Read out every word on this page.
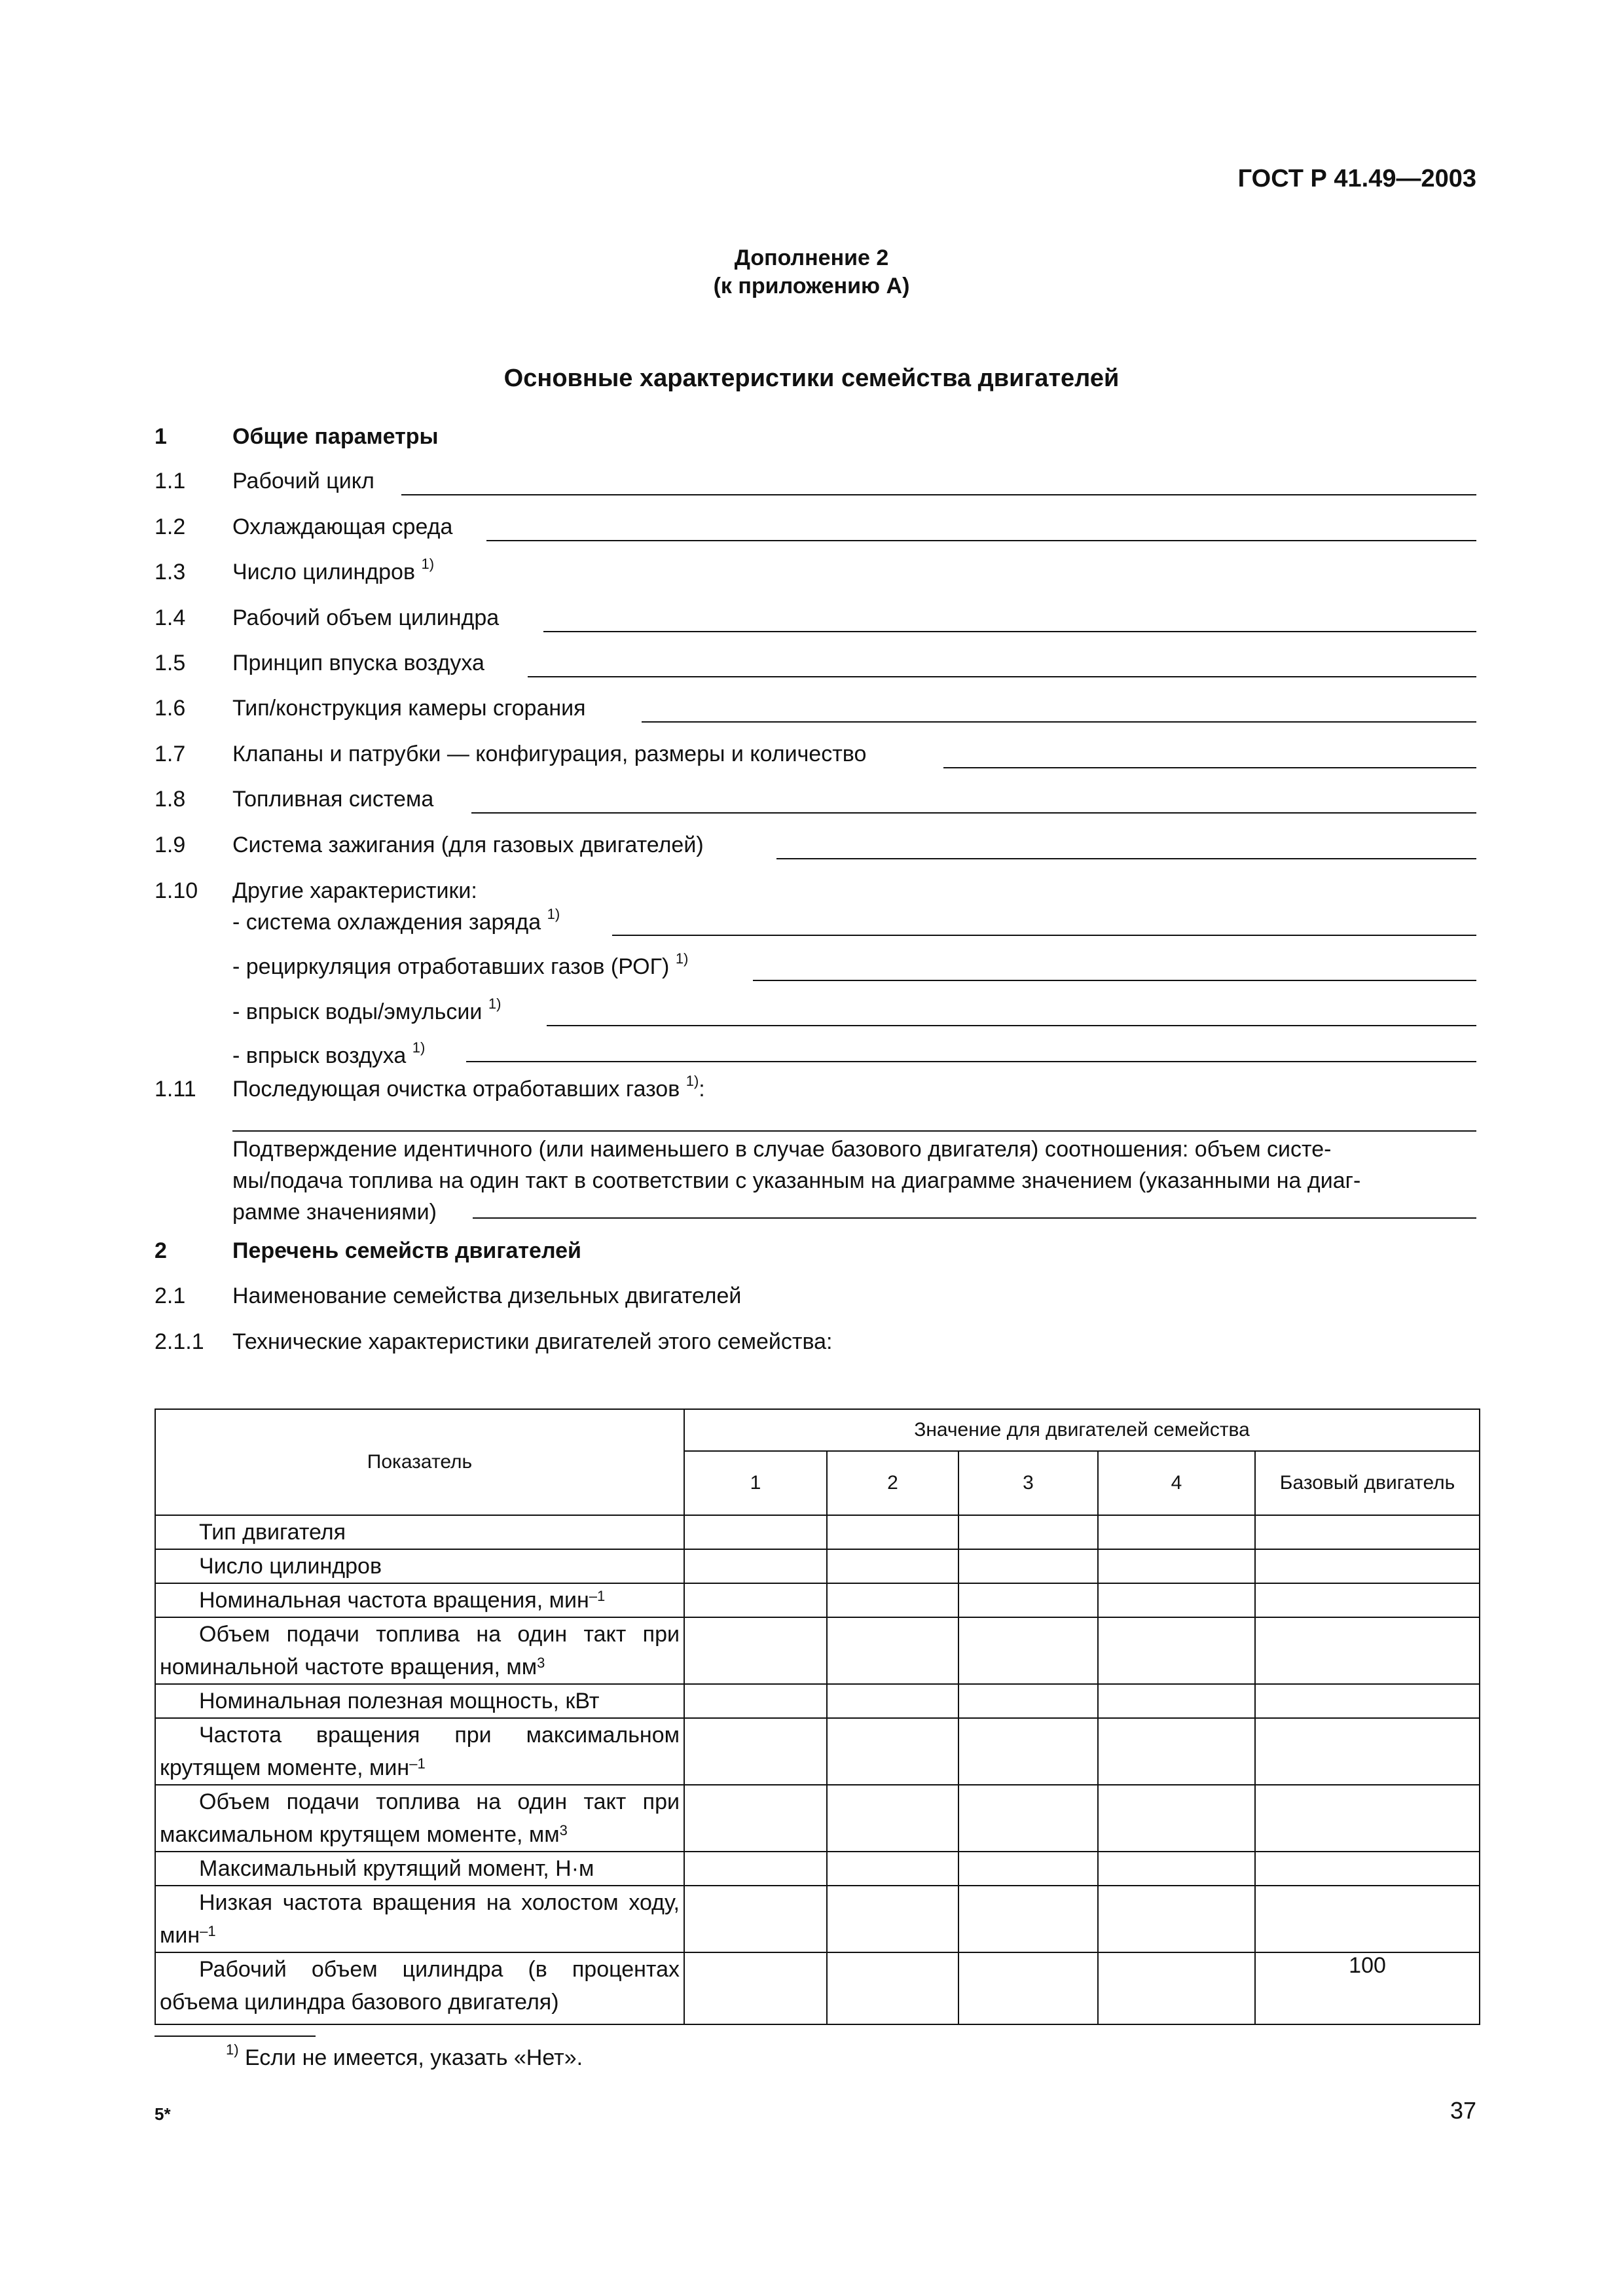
ГОСТ Р 41.49—2003
Дополнение 2
(к приложению А)
Основные характеристики семейства двигателей
1	Общие параметры
1.1 Рабочий цикл
1.2 Охлаждающая среда
1.3 Число цилиндров $^{1)}$
1.4 Рабочий объем цилиндра
1.5 Принцип впуска воздуха
1.6 Тип/конструкция камеры сгорания
1.7 Клапаны и патрубки — конфигурация, размеры и количество
1.8 Топливная система
1.9 Система зажигания (для газовых двигателей)
1.10 Другие характеристики:
- система охлаждения заряда $^{1)}$
- рециркуляция отработавших газов (РОГ) $^{1)}$
- впрыск воды/эмульсии $^{1)}$
- впрыск воздуха $^{1)}$
1.11 Последующая очистка отработавших газов $^{1)}$:
Подтверждение идентичного (или наименьшего в случае базового двигателя) соотношения: объем систе-
мы/подача топлива на один такт в соответствии с указанным на диаграмме значением (указанными на диаг-
рамме значениями)
2	Перечень семейств двигателей
2.1 Наименование семейства дизельных двигателей
2.1.1 Технические характеристики двигателей этого семейства:
Показатель	Значение для двигателей семейства				
	1	2	3	4	Базовый двигатель
Тип двигателя					
Число цилиндров					
Номинальная частота вращения, мин$^{-1}$					
Объем подачи топлива на один такт при номинальной частоте вращения, $мм^3$					
Номинальная полезная мощность, кВт					
Частота вращения при максимальном крутящем моменте, мин$^{-1}$					
Объем подачи топлива на один такт при максимальном крутящем моменте, $мм^3$					
Максимальный крутящий момент, Н·м					
Низкая частота вращения на холостом ходу, мин$^{-1}$					
Рабочий объем цилиндра (в процентах объема цилиндра базового двигателя)					100
$^{1)}$ Если не имеется, указать «Нет».
5*	37
